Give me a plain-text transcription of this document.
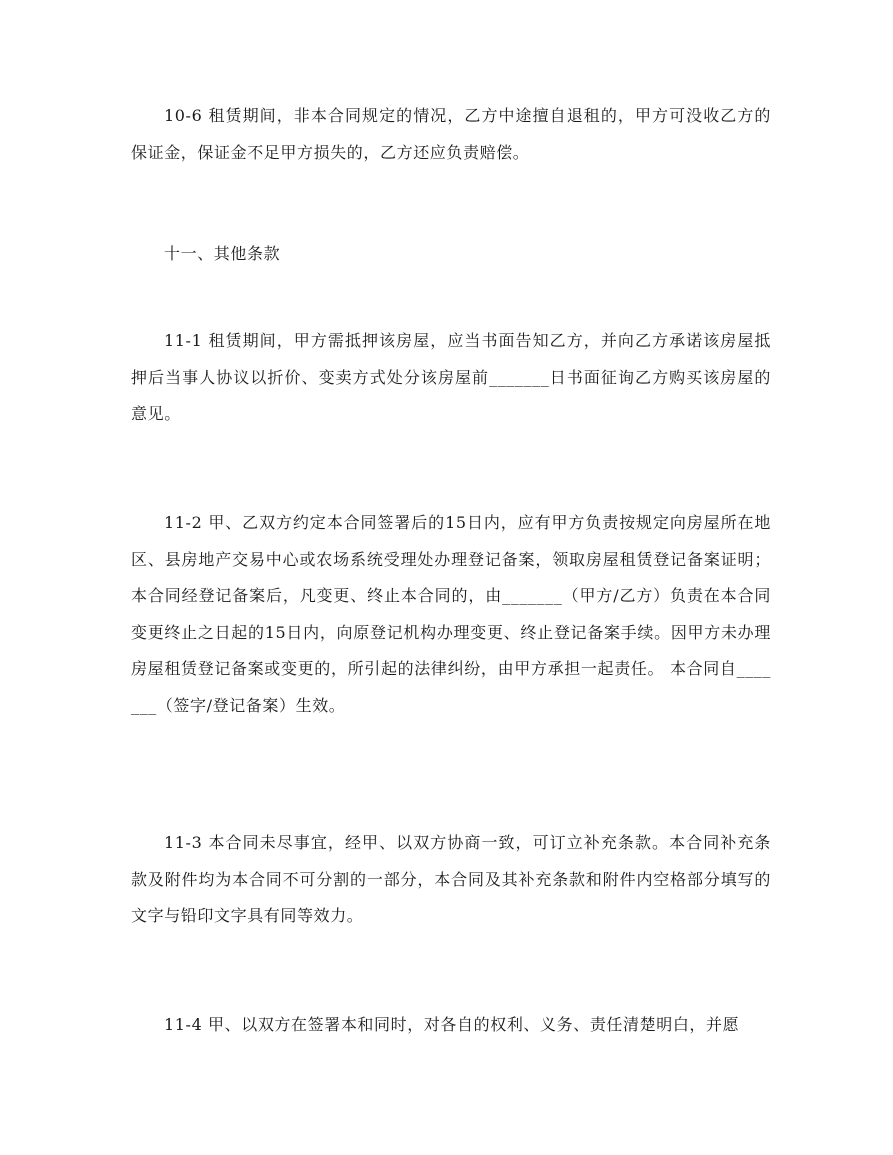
10-6 租赁期间，非本合同规定的情况，乙方中途擅自退租的，甲方可没收乙方的保证金，保证金不足甲方损失的，乙方还应负责赔偿。

十一、其他条款

11-1 租赁期间，甲方需抵押该房屋，应当书面告知乙方，并向乙方承诺该房屋抵押后当事人协议以折价、变卖方式处分该房屋前_______日书面征询乙方购买该房屋的意见。

11-2 甲、乙双方约定本合同签署后的15日内，应有甲方负责按规定向房屋所在地区、县房地产交易中心或农场系统受理处办理登记备案，领取房屋租赁登记备案证明；本合同经登记备案后，凡变更、终止本合同的，由_______（甲方/乙方）负责在本合同变更终止之日起的15日内，向原登记机构办理变更、终止登记备案手续。因甲方未办理房屋租赁登记备案或变更的，所引起的法律纠纷，由甲方承担一起责任。 本合同自_______（签字/登记备案）生效。

11-3 本合同未尽事宜，经甲、以双方协商一致，可订立补充条款。本合同补充条款及附件均为本合同不可分割的一部分，本合同及其补充条款和附件内空格部分填写的文字与铅印文字具有同等效力。

11-4 甲、以双方在签署本和同时，对各自的权利、义务、责任清楚明白，并愿
